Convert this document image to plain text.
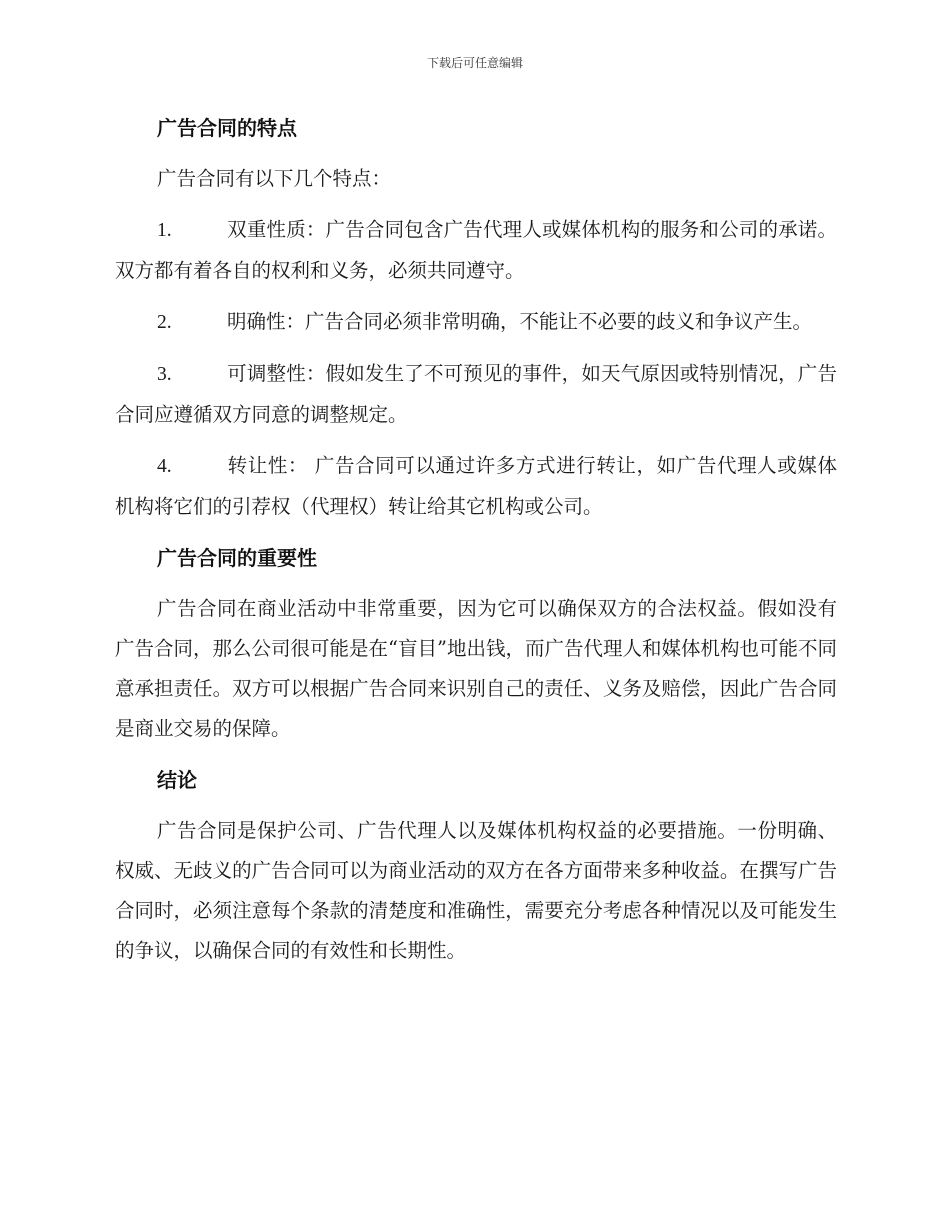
下载后可任意编辑
广告合同的特点

广告合同有以下几个特点：

1.	双重性质：广告合同包含广告代理人或媒体机构的服务和公司的承诺。双方都有着各自的权利和义务，必须共同遵守。

2.	明确性：广告合同必须非常明确，不能让不必要的歧义和争议产生。

3.	可调整性：假如发生了不可预见的事件，如天气原因或特别情况，广告合同应遵循双方同意的调整规定。

4.	转让性： 广告合同可以通过许多方式进行转让，如广告代理人或媒体机构将它们的引荐权（代理权）转让给其它机构或公司。

广告合同的重要性

广告合同在商业活动中非常重要，因为它可以确保双方的合法权益。假如没有广告合同，那么公司很可能是在“盲目”地出钱，而广告代理人和媒体机构也可能不同意承担责任。双方可以根据广告合同来识别自己的责任、义务及赔偿，因此广告合同是商业交易的保障。

结论

广告合同是保护公司、广告代理人以及媒体机构权益的必要措施。一份明确、权威、无歧义的广告合同可以为商业活动的双方在各方面带来多种收益。在撰写广告合同时，必须注意每个条款的清楚度和准确性，需要充分考虑各种情况以及可能发生的争议，以确保合同的有效性和长期性。
